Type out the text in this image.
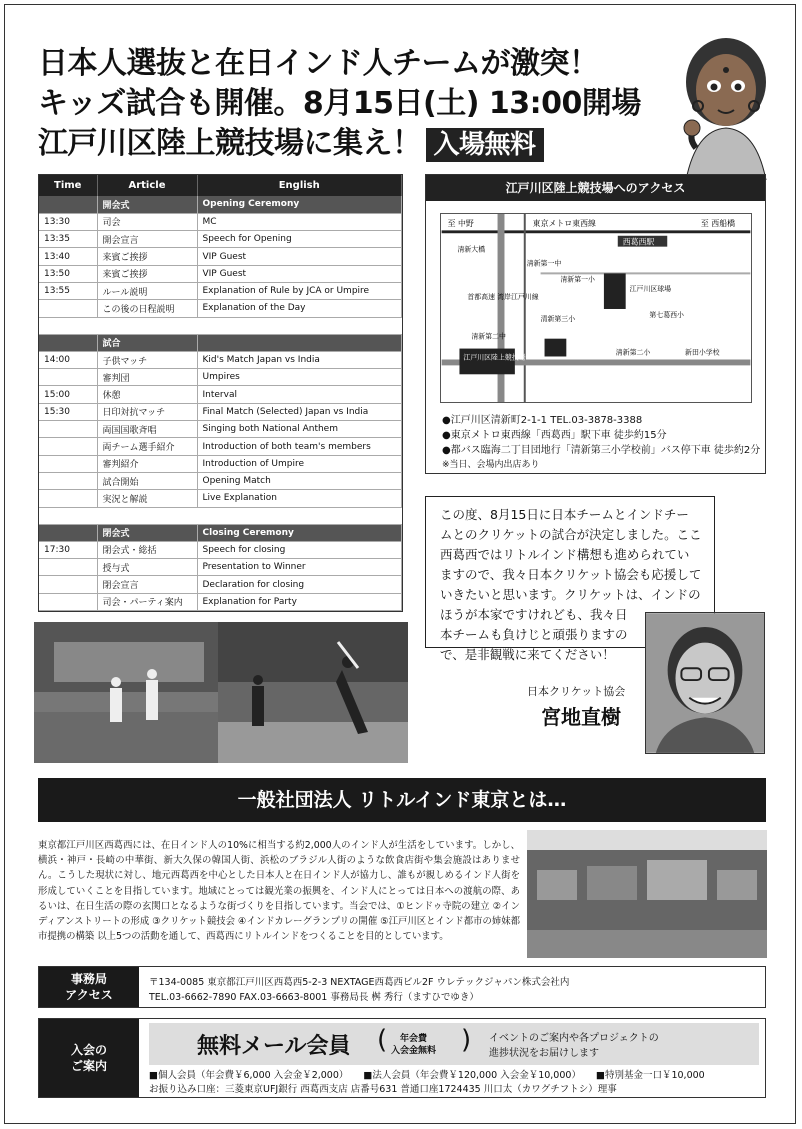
日本人選抜と在日インド人チームが激突！
キッズ試合も開催。8月15日(土) 13:00開場
江戸川区陸上競技場に集え！ 入場無料
Time	Article	English
	開会式	Opening Ceremony
13:30	司会	MC
13:35	開会宣言	Speech for Opening
13:40	来賓ご挨拶	VIP Guest
13:50	来賓ご挨拶	VIP Guest
13:55	ルール説明	Explanation of Rule by JCA or Umpire
	この後の日程説明	Explanation of the Day

	試合	
14:00	子供マッチ	Kid's Match Japan vs India
	審判団	Umpires
15:00	休憩	Interval
15:30	日印対抗マッチ	Final Match (Selected) Japan vs India
	両国国歌斉唱	Singing both National Anthem
	両チーム選手紹介	Introduction of both team's members
	審判紹介	Introduction of Umpire
	試合開始	Opening Match
	実況と解説	Live Explanation

	閉会式	Closing Ceremony
17:30	閉会式・総括	Speech for closing
	授与式	Presentation to Winner
	閉会宣言	Declaration for closing
	司会・パーティ案内	Explanation for Party
江戸川区陸上競技場へのアクセス
至 中野	至 西船橋
東京メトロ東西線
西葛西駅
清新大橋
清新第一中
清新第一小
首都高速 湾岸江戸川線
清新第三小
清新第二中
江戸川区球場
第七葛西小
江戸川区陸上競技場
清新第二小	新田小学校
●江戸川区清新町2-1-1 TEL.03-3878-3388
●東京メトロ東西線「西葛西」駅下車 徒歩約15分
●都バス臨海二丁目団地行「清新第三小学校前」バス停下車 徒歩約2分
※当日、会場内出店あり
この度、8月15日に日本チームとインドチー
ムとのクリケットの試合が決定しました。ここ
西葛西ではリトルインド構想も進められてい
ますので、我々日本クリケット協会も応援して
いきたいと思います。クリケットは、インドの
ほうが本家ですけれども、我々日
本チームも負けじと頑張りますの
で、是非観戦に来てください！
日本クリケット協会
宮地直樹
一般社団法人 リトルインド東京とは…
東京都江戸川区西葛西には、在日インド人の10%に相当する約2,000人のインド人が生活をしています。しかし、横浜・神戸・長崎の中華街、新大久保の韓国人街、浜松のブラジル人街のような飲食店街や集会施設はありません。こうした現状に対し、地元西葛西を中心とした日本人と在日インド人が協力し、誰もが親しめるインド人街を形成していくことを目指しています。地域にとっては観光業の振興を、インド人にとっては日本への渡航の際、あるいは、在日生活の際の玄関口となるような街づくりを目指しています。当会では、①ヒンドゥ寺院の建立 ②インディアンストリートの形成 ③クリケット競技会 ④インドカレーグランプリの開催 ⑤江戸川区とインド都市の姉妹都市提携の構築 以上5つの活動を通して、西葛西にリトルインドをつくることを目的としています。
事務局
アクセス
〒134-0085 東京都江戸川区西葛西5-2-3 NEXTAGE西葛西ビル2F ウレテックジャパン株式会社内
TEL.03-6662-7890 FAX.03-6663-8001 事務局長 桝 秀行（ますひでゆき）
入会の
ご案内
無料メール会員 (	年会費
入会金無料 ) イベントのご案内や各プロジェクトの
進捗状況をお届けします
■個人会員（年会費￥6,000 入会金￥2,000） ■法人会員（年会費￥120,000 入会金￥10,000） ■特別基金一口￥10,000
お振り込み口座：三菱東京UFJ銀行 西葛西支店 店番号631 普通口座1724435 川口太（カワグチフトシ）理事
